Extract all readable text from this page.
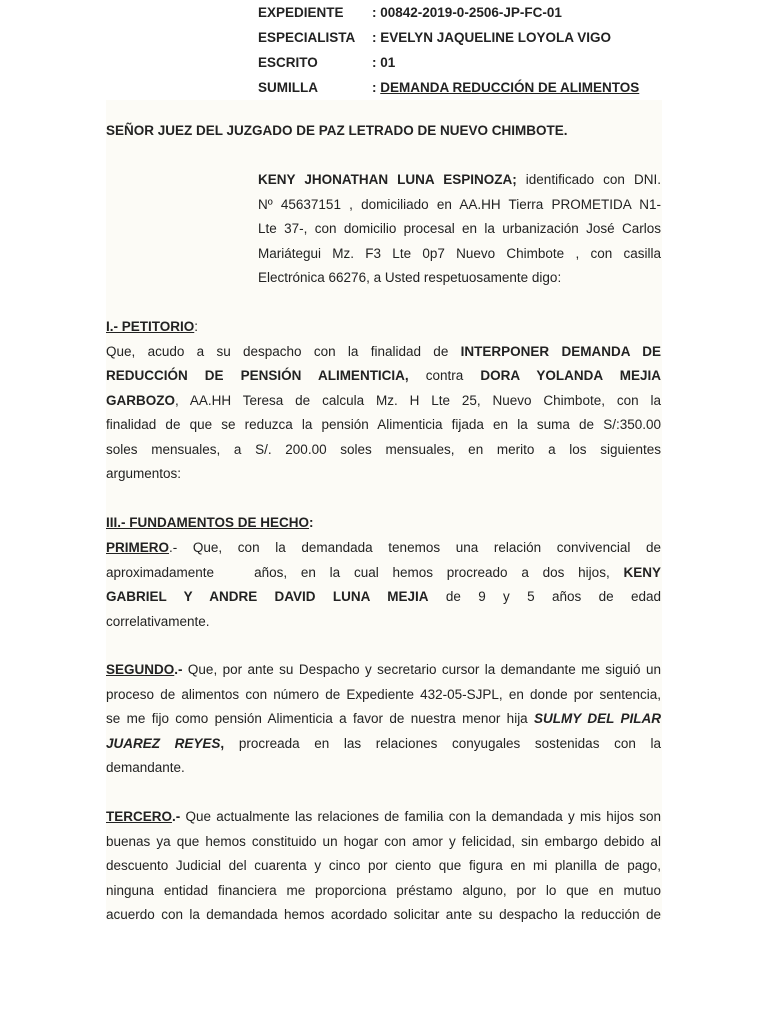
EXPEDIENTE : 00842-2019-0-2506-JP-FC-01
ESPECIALISTA : EVELYN JAQUELINE LOYOLA VIGO
ESCRITO	: 01
SUMILLA	: DEMANDA REDUCCIÓN DE ALIMENTOS
SEÑOR JUEZ DEL JUZGADO DE PAZ LETRADO DE NUEVO CHIMBOTE.
KENY JHONATHAN LUNA ESPINOZA; identificado con DNI.
Nº 45637151 , domiciliado en AA.HH Tierra PROMETIDA N1-
Lte 37-, con domicilio procesal en la urbanización José Carlos
Mariátegui Mz. F3 Lte 0p7 Nuevo Chimbote , con casilla
Electrónica 66276, a Usted respetuosamente digo:
I.- PETITORIO:
Que, acudo a su despacho con la finalidad de INTERPONER DEMANDA DE
REDUCCIÓN DE PENSIÓN ALIMENTICIA, contra DORA YOLANDA MEJIA
GARBOZO, AA.HH Teresa de calcula Mz. H Lte 25, Nuevo Chimbote, con la
finalidad de que se reduzca la pensión Alimenticia fijada en la suma de S/:350.00
soles mensuales, a S/. 200.00 soles mensuales, en merito a los siguientes
argumentos:
III.- FUNDAMENTOS DE HECHO:
PRIMERO.- Que, con la demandada tenemos una relación convivencial de
aproximadamente	años, en la cual hemos procreado a dos hijos, KENY
GABRIEL Y ANDRE DAVID LUNA MEJIA de 9 y 5 años de edad
correlativamente.
SEGUNDO.- Que, por ante su Despacho y secretario cursor la demandante me siguió un
proceso de alimentos con número de Expediente 432-05-SJPL, en donde por sentencia,
se me fijo como pensión Alimenticia a favor de nuestra menor hija SULMY DEL PILAR
JUAREZ REYES, procreada en las relaciones conyugales sostenidas con la
demandante.
TERCERO.- Que actualmente las relaciones de familia con la demandada y mis hijos son
buenas ya que hemos constituido un hogar con amor y felicidad, sin embargo debido al
descuento Judicial del cuarenta y cinco por ciento que figura en mi planilla de pago,
ninguna entidad financiera me proporciona préstamo alguno, por lo que en mutuo
acuerdo con la demandada hemos acordado solicitar ante su despacho la reducción de
